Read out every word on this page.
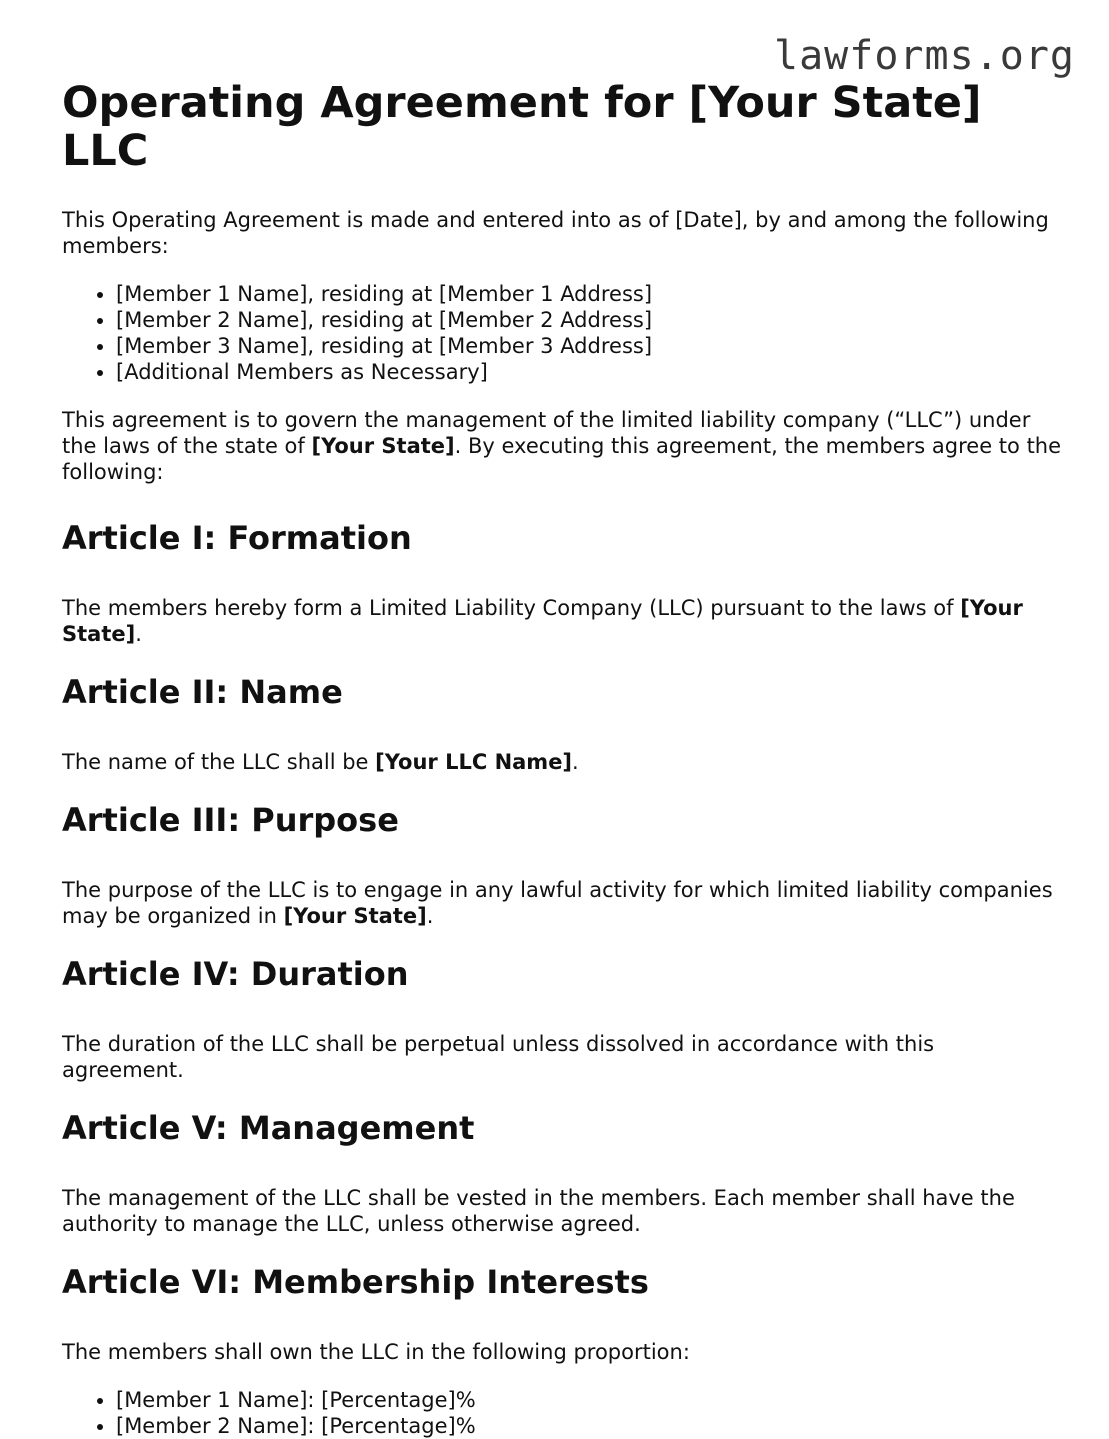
lawforms.org
Operating Agreement for [Your State] LLC

This Operating Agreement is made and entered into as of [Date], by and among the following members:

• [Member 1 Name], residing at [Member 1 Address]
• [Member 2 Name], residing at [Member 2 Address]
• [Member 3 Name], residing at [Member 3 Address]
• [Additional Members as Necessary]

This agreement is to govern the management of the limited liability company (“LLC”) under the laws of the state of [Your State]. By executing this agreement, the members agree to the following:

Article I: Formation

The members hereby form a Limited Liability Company (LLC) pursuant to the laws of [Your State].

Article II: Name

The name of the LLC shall be [Your LLC Name].

Article III: Purpose

The purpose of the LLC is to engage in any lawful activity for which limited liability companies may be organized in [Your State].

Article IV: Duration

The duration of the LLC shall be perpetual unless dissolved in accordance with this agreement.

Article V: Management

The management of the LLC shall be vested in the members. Each member shall have the authority to manage the LLC, unless otherwise agreed.

Article VI: Membership Interests

The members shall own the LLC in the following proportion:

• [Member 1 Name]: [Percentage]%
• [Member 2 Name]: [Percentage]%
